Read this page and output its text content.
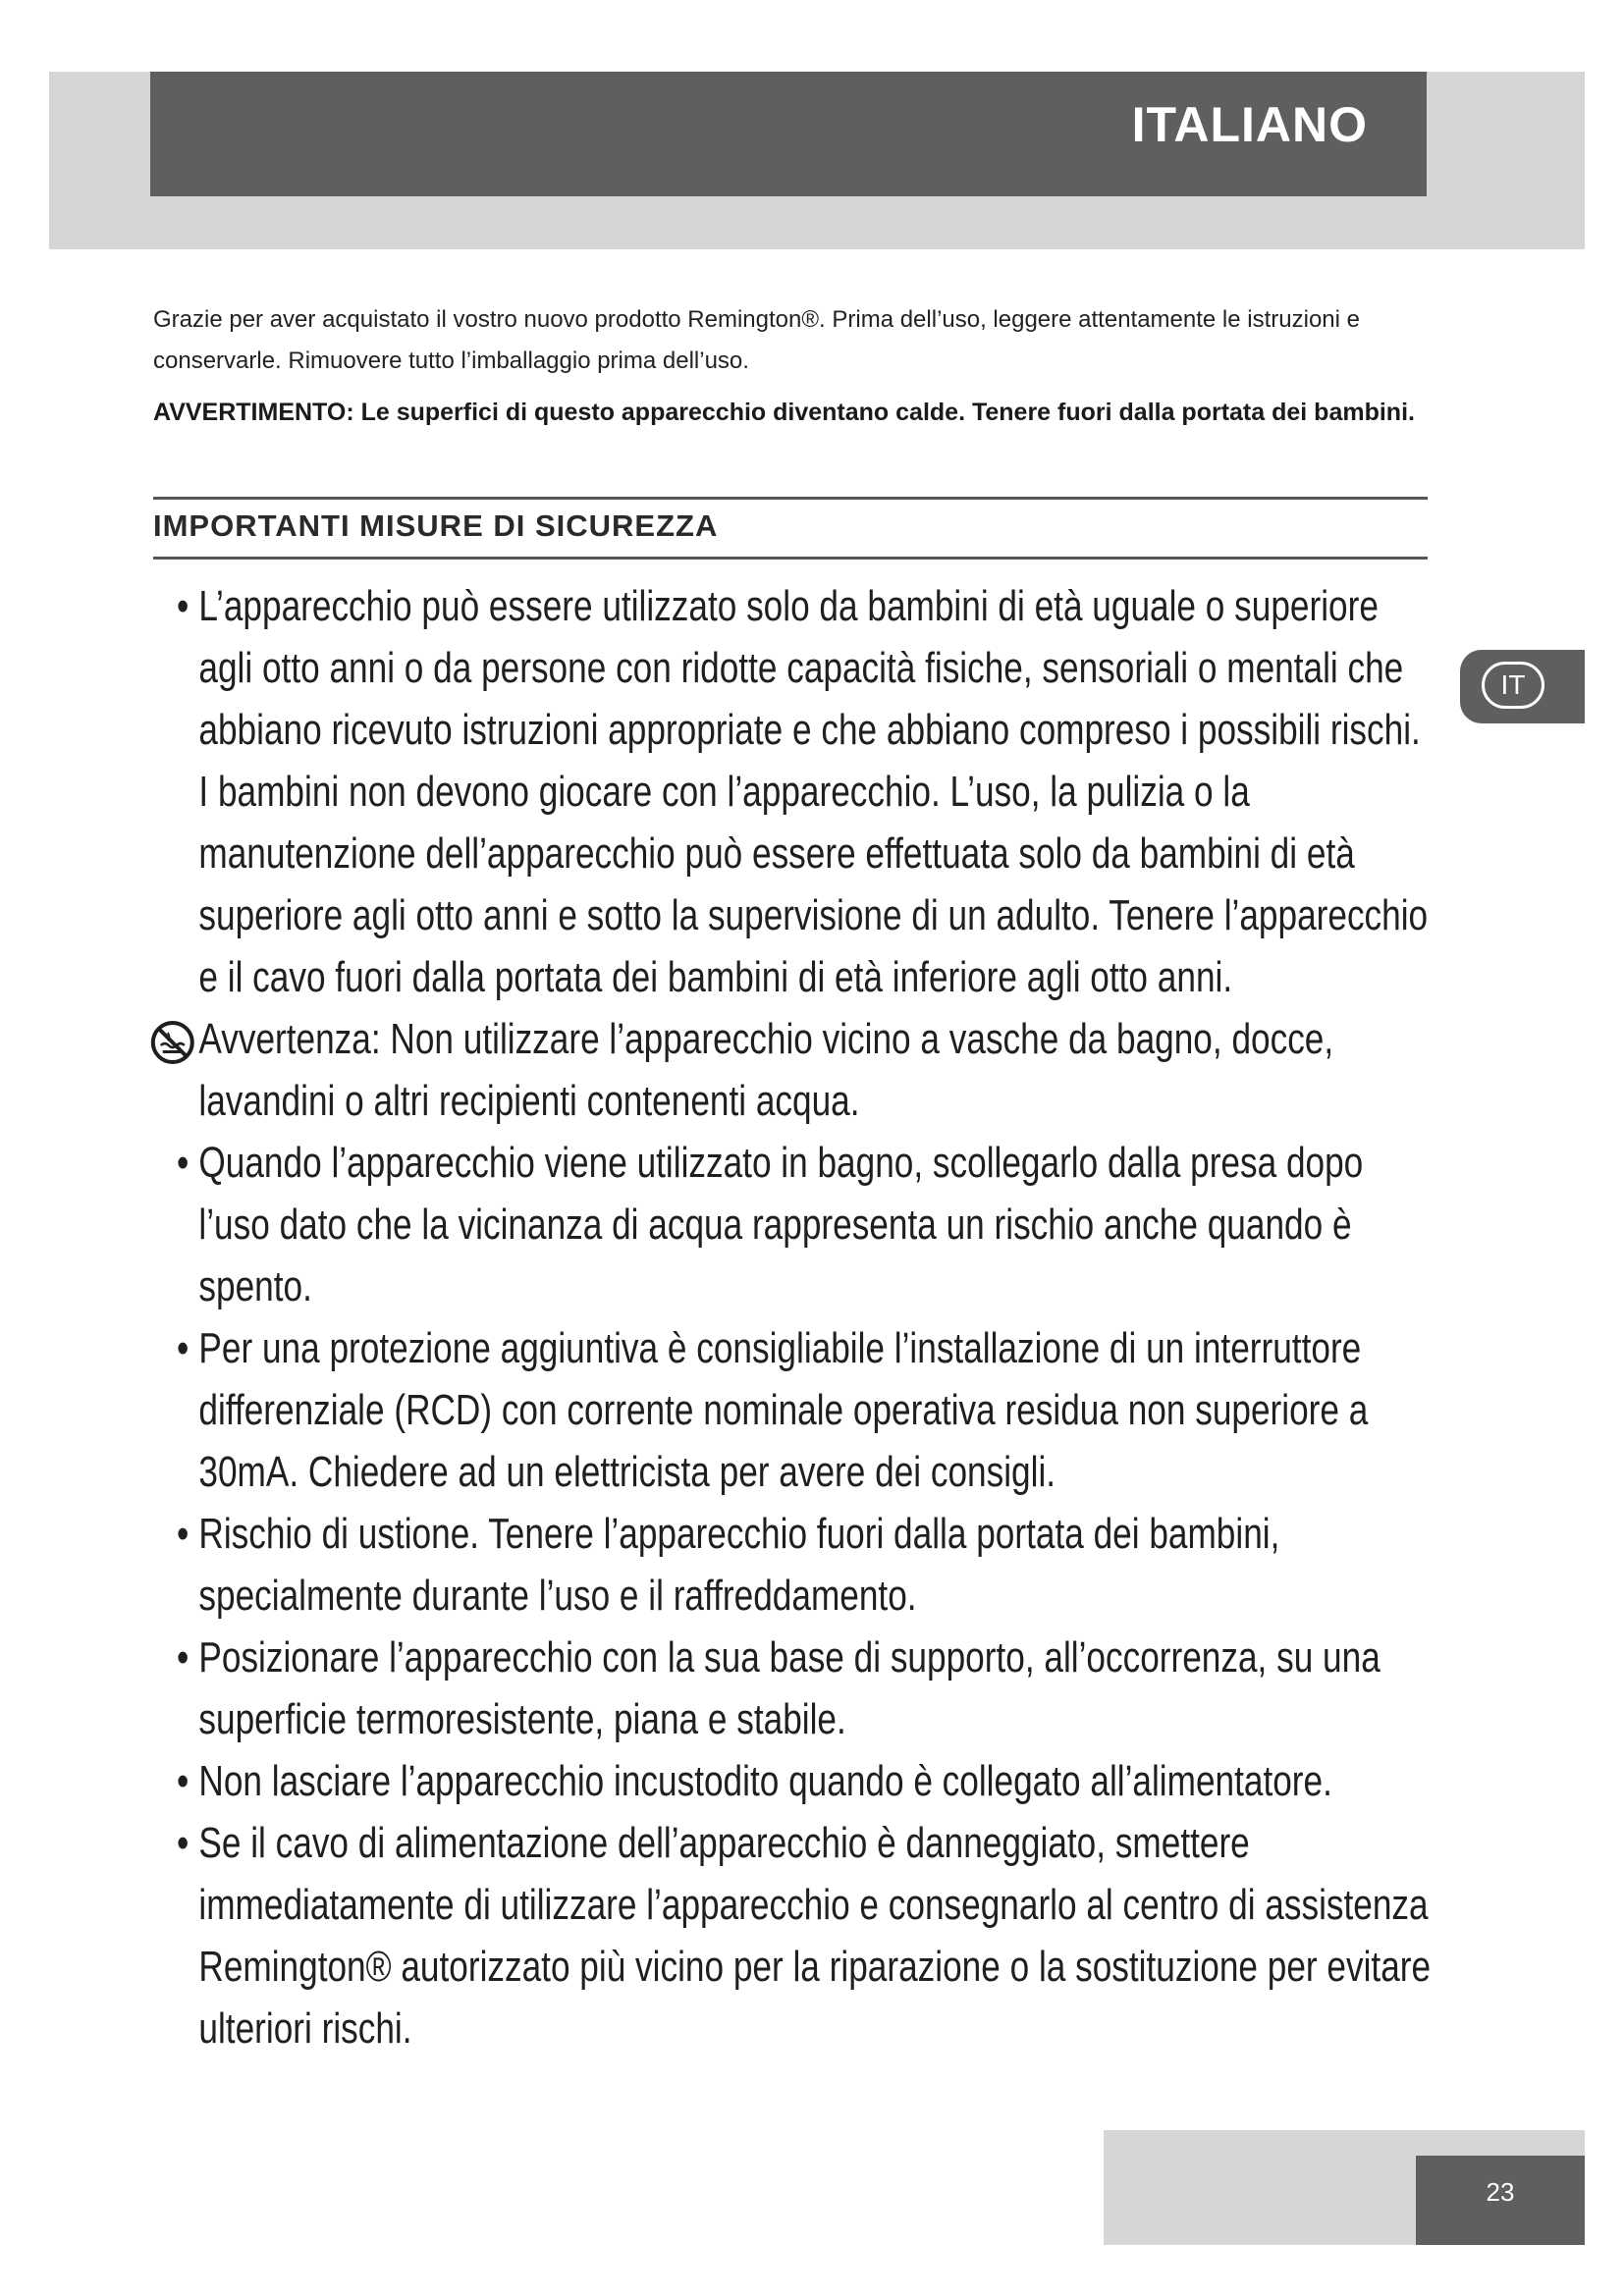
ITALIANO

Grazie per aver acquistato il vostro nuovo prodotto Remington®. Prima dell’uso, leggere attentamente le istruzioni e conservarle. Rimuovere tutto l’imballaggio prima dell’uso.

AVVERTIMENTO: Le superfici di questo apparecchio diventano calde. Tenere fuori dalla portata dei bambini.

IMPORTANTI MISURE DI SICUREZZA

• L’apparecchio può essere utilizzato solo da bambini di età uguale o superiore agli otto anni o da persone con ridotte capacità fisiche, sensoriali o mentali che abbiano ricevuto istruzioni appropriate e che abbiano compreso i possibili rischi. I bambini non devono giocare con l’apparecchio. L’uso, la pulizia o la manutenzione dell’apparecchio può essere effettuata solo da bambini di età superiore agli otto anni e sotto la supervisione di un adulto. Tenere l’apparecchio e il cavo fuori dalla portata dei bambini di età inferiore agli otto anni.

Avvertenza: Non utilizzare l’apparecchio vicino a vasche da bagno, docce, lavandini o altri recipienti contenenti acqua.

• Quando l’apparecchio viene utilizzato in bagno, scollegarlo dalla presa dopo l’uso dato che la vicinanza di acqua rappresenta un rischio anche quando è spento.

• Per una protezione aggiuntiva è consigliabile l’installazione di un interruttore differenziale (RCD) con corrente nominale operativa residua non superiore a 30mA. Chiedere ad un elettricista per avere dei consigli.

• Rischio di ustione. Tenere l’apparecchio fuori dalla portata dei bambini, specialmente durante l’uso e il raffreddamento.

• Posizionare l’apparecchio con la sua base di supporto, all’occorrenza, su una superficie termoresistente, piana e stabile.

• Non lasciare l’apparecchio incustodito quando è collegato all’alimentatore.

• Se il cavo di alimentazione dell’apparecchio è danneggiato, smettere immediatamente di utilizzare l’apparecchio e consegnarlo al centro di assistenza Remington® autorizzato più vicino per la riparazione o la sostituzione per evitare ulteriori rischi.

IT
23
